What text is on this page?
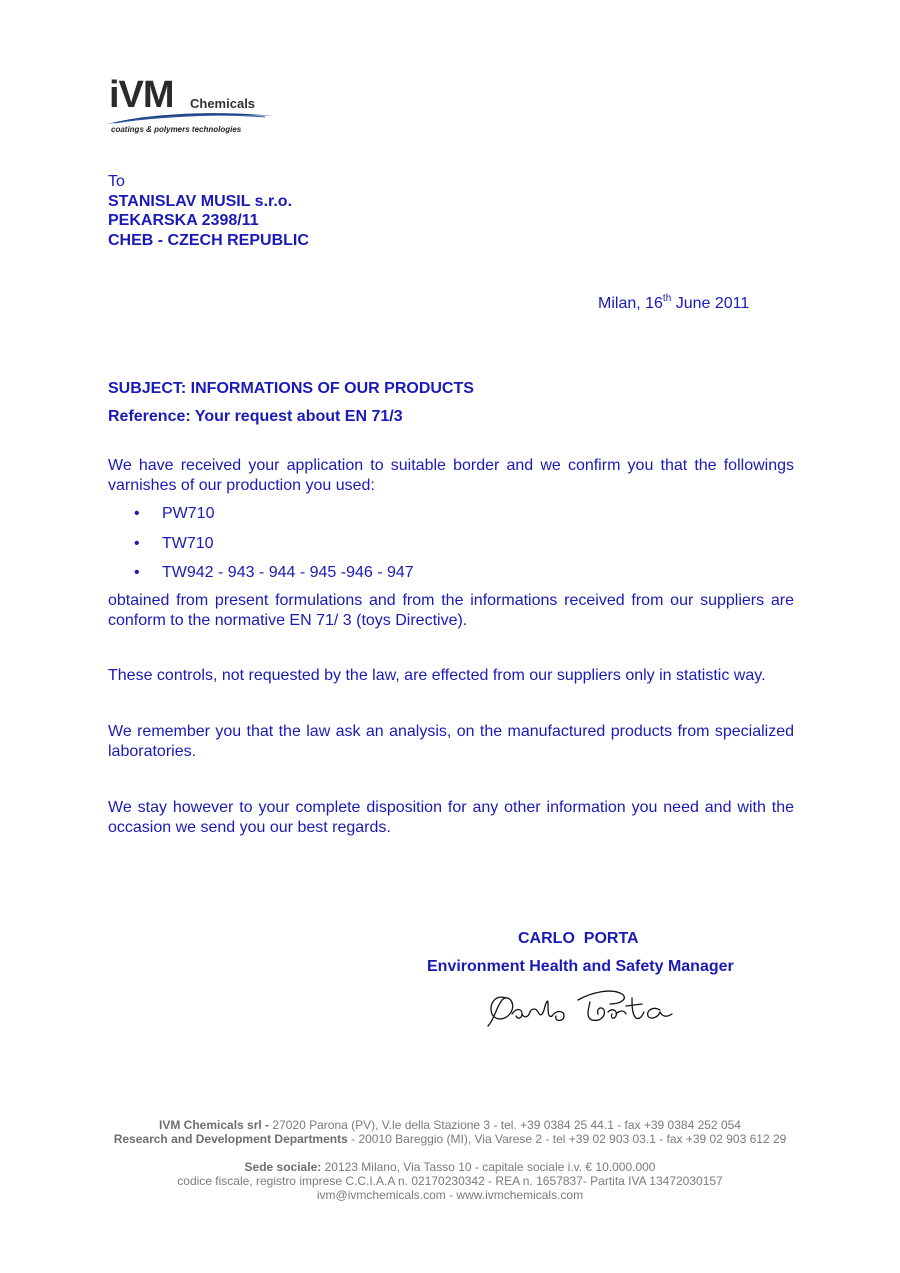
iVM Chemicals
coatings & polymers technologies
To
STANISLAV MUSIL s.r.o.
PEKARSKA 2398/11
CHEB - CZECH REPUBLIC
Milan, 16th June 2011
SUBJECT: INFORMATIONS OF OUR PRODUCTS
Reference: Your request about EN 71/3
We have received your application to suitable border and we confirm you that the followings varnishes of our production you used:
• PW710
• TW710
• TW942 - 943 - 944 - 945 -946 - 947
obtained from present formulations and from the informations received from our suppliers are conform to the normative EN 71/ 3 (toys Directive).
These controls, not requested by the law, are effected from our suppliers only in statistic way.
We remember you that the law ask an analysis, on the manufactured products from specialized laboratories.
We stay however to your complete disposition for any other information you need and with the occasion we send you our best regards.
CARLO  PORTA
Environment Health and Safety Manager
IVM Chemicals srl - 27020 Parona (PV), V.le della Stazione 3 - tel. +39 0384 25 44.1 - fax +39 0384 252 054
Research and Development Departments - 20010 Bareggio (MI), Via Varese 2 - tel +39 02 903 03.1 - fax +39 02 903 612 29
Sede sociale: 20123 Milano, Via Tasso 10 - capitale sociale i.v. € 10.000.000
codice fiscale, registro imprese C.C.I.A.A n. 02170230342 - REA n. 1657837- Partita IVA 13472030157
ivm@ivmchemicals.com - www.ivmchemicals.com
